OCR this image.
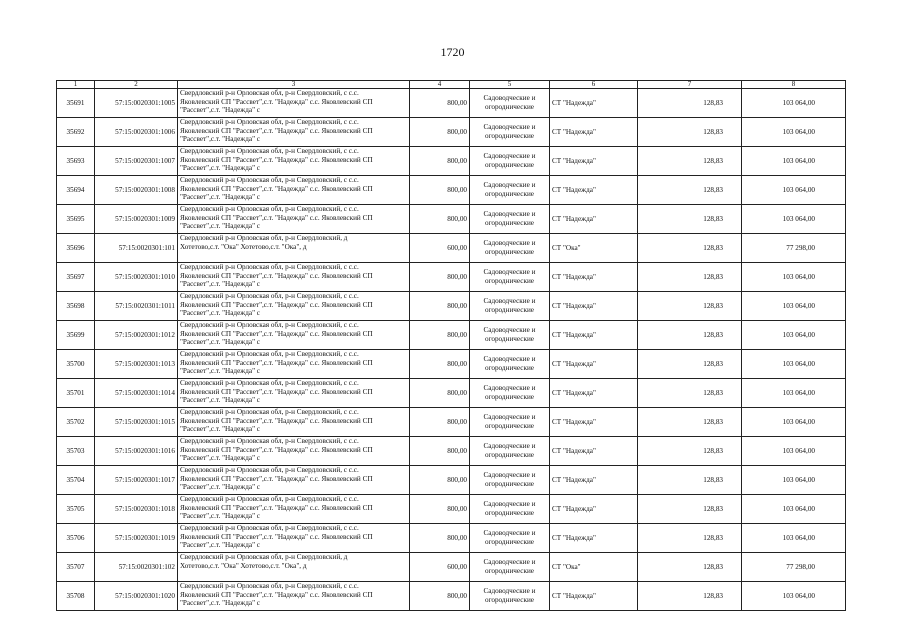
1720
1	2	3	4	5	6	7	8
35691	57:15:0020301:1005	Свердловский р-н Орловская обл, р-н Свердловский, с с.с.
Яковлевский СП "Рассвет",с.т. "Надежда" с.с. Яковлевский СП
"Рассвет",с.т. "Надежда" с	800,00	Садоводческие и огороднические	СТ "Надежда"	128,83	103 064,00
35692	57:15:0020301:1006	Свердловский р-н Орловская обл, р-н Свердловский, с с.с.
Яковлевский СП "Рассвет",с.т. "Надежда" с.с. Яковлевский СП
"Рассвет",с.т. "Надежда" с	800,00	Садоводческие и огороднические	СТ "Надежда"	128,83	103 064,00
35693	57:15:0020301:1007	Свердловский р-н Орловская обл, р-н Свердловский, с с.с.
Яковлевский СП "Рассвет",с.т. "Надежда" с.с. Яковлевский СП
"Рассвет",с.т. "Надежда" с	800,00	Садоводческие и огороднические	СТ "Надежда"	128,83	103 064,00
35694	57:15:0020301:1008	Свердловский р-н Орловская обл, р-н Свердловский, с с.с.
Яковлевский СП "Рассвет",с.т. "Надежда" с.с. Яковлевский СП
"Рассвет",с.т. "Надежда" с	800,00	Садоводческие и огороднические	СТ "Надежда"	128,83	103 064,00
35695	57:15:0020301:1009	Свердловский р-н Орловская обл, р-н Свердловский, с с.с.
Яковлевский СП "Рассвет",с.т. "Надежда" с.с. Яковлевский СП
"Рассвет",с.т. "Надежда" с	800,00	Садоводческие и огороднические	СТ "Надежда"	128,83	103 064,00
35696	57:15:0020301:101	Свердловский р-н Орловская обл, р-н Свердловский, д
Хотетово,с.т. "Ока" Хотетово,с.т. "Ока", д	600,00	Садоводческие и огороднические	СТ "Ока"	128,83	77 298,00
35697	57:15:0020301:1010	Свердловский р-н Орловская обл, р-н Свердловский, с с.с.
Яковлевский СП "Рассвет",с.т. "Надежда" с.с. Яковлевский СП
"Рассвет",с.т. "Надежда" с	800,00	Садоводческие и огороднические	СТ "Надежда"	128,83	103 064,00
35698	57:15:0020301:1011	Свердловский р-н Орловская обл, р-н Свердловский, с с.с.
Яковлевский СП "Рассвет",с.т. "Надежда" с.с. Яковлевский СП
"Рассвет",с.т. "Надежда" с	800,00	Садоводческие и огороднические	СТ "Надежда"	128,83	103 064,00
35699	57:15:0020301:1012	Свердловский р-н Орловская обл, р-н Свердловский, с с.с.
Яковлевский СП "Рассвет",с.т. "Надежда" с.с. Яковлевский СП
"Рассвет",с.т. "Надежда" с	800,00	Садоводческие и огороднические	СТ "Надежда"	128,83	103 064,00
35700	57:15:0020301:1013	Свердловский р-н Орловская обл, р-н Свердловский, с с.с.
Яковлевский СП "Рассвет",с.т. "Надежда" с.с. Яковлевский СП
"Рассвет",с.т. "Надежда" с	800,00	Садоводческие и огороднические	СТ "Надежда"	128,83	103 064,00
35701	57:15:0020301:1014	Свердловский р-н Орловская обл, р-н Свердловский, с с.с.
Яковлевский СП "Рассвет",с.т. "Надежда" с.с. Яковлевский СП
"Рассвет",с.т. "Надежда" с	800,00	Садоводческие и огороднические	СТ "Надежда"	128,83	103 064,00
35702	57:15:0020301:1015	Свердловский р-н Орловская обл, р-н Свердловский, с с.с.
Яковлевский СП "Рассвет",с.т. "Надежда" с.с. Яковлевский СП
"Рассвет",с.т. "Надежда" с	800,00	Садоводческие и огороднические	СТ "Надежда"	128,83	103 064,00
35703	57:15:0020301:1016	Свердловский р-н Орловская обл, р-н Свердловский, с с.с.
Яковлевский СП "Рассвет",с.т. "Надежда" с.с. Яковлевский СП
"Рассвет",с.т. "Надежда" с	800,00	Садоводческие и огороднические	СТ "Надежда"	128,83	103 064,00
35704	57:15:0020301:1017	Свердловский р-н Орловская обл, р-н Свердловский, с с.с.
Яковлевский СП "Рассвет",с.т. "Надежда" с.с. Яковлевский СП
"Рассвет",с.т. "Надежда" с	800,00	Садоводческие и огороднические	СТ "Надежда"	128,83	103 064,00
35705	57:15:0020301:1018	Свердловский р-н Орловская обл, р-н Свердловский, с с.с.
Яковлевский СП "Рассвет",с.т. "Надежда" с.с. Яковлевский СП
"Рассвет",с.т. "Надежда" с	800,00	Садоводческие и огороднические	СТ "Надежда"	128,83	103 064,00
35706	57:15:0020301:1019	Свердловский р-н Орловская обл, р-н Свердловский, с с.с.
Яковлевский СП "Рассвет",с.т. "Надежда" с.с. Яковлевский СП
"Рассвет",с.т. "Надежда" с	800,00	Садоводческие и огороднические	СТ "Надежда"	128,83	103 064,00
35707	57:15:0020301:102	Свердловский р-н Орловская обл, р-н Свердловский, д
Хотетово,с.т. "Ока" Хотетово,с.т. "Ока", д	600,00	Садоводческие и огороднические	СТ "Ока"	128,83	77 298,00
35708	57:15:0020301:1020	Свердловский р-н Орловская обл, р-н Свердловский, с с.с.
Яковлевский СП "Рассвет",с.т. "Надежда" с.с. Яковлевский СП
"Рассвет",с.т. "Надежда" с	800,00	Садоводческие и огороднические	СТ "Надежда"	128,83	103 064,00
